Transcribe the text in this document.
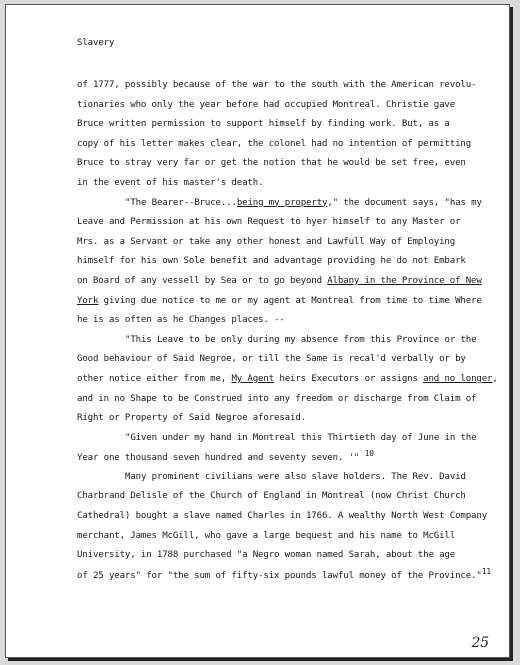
Slavery
of 1777, possibly because of the war to the south with the American revolu-
tionaries who only the year before had occupied Montreal. Christie gave
Bruce written permission to support himself by finding work. But, as a
copy of his letter makes clear, the colonel had no intention of permitting
Bruce to stray very far or get the notion that he would be set free, even
in the event of his master's death.
"The Bearer--Bruce...being my property," the document says, "has my
Leave and Permission at his own Request to hyer himself to any Master or
Mrs. as a Servant or take any other honest and Lawfull Way of Employing
himself for his own Sole benefit and advantage providing he do not Embark
on Board of any vessell by Sea or to go beyond Albany in the Province of New
York giving due notice to me or my agent at Montreal from time to time Where
he is as often as he Changes places. --
"This Leave to be only during my absence from this Province or the
Good behaviour of Said Negroe, or till the Same is recal'd verbally or by
other notice either from me, My Agent heirs Executors or assigns and no longer,
and in no Shape to be Construed into any freedom or discharge from Claim of
Right or Property of Said Negroe aforesaid.
"Given under my hand in Montreal this Thirtieth day of June in the
Year one thousand seven hundred and seventy seven. '" 10
Many prominent civilians were also slave holders. The Rev. David
Charbrand Delisle of the Church of England in Montreal (now Christ Church
Cathedral) bought a slave named Charles in 1766. A wealthy North West Company
merchant, James McGill, who gave a large bequest and his name to McGill
University, in 1788 purchased "a Negro woman named Sarah, about the age
of 25 years" for "the sum of fifty-six pounds lawful money of the Province."11
25
